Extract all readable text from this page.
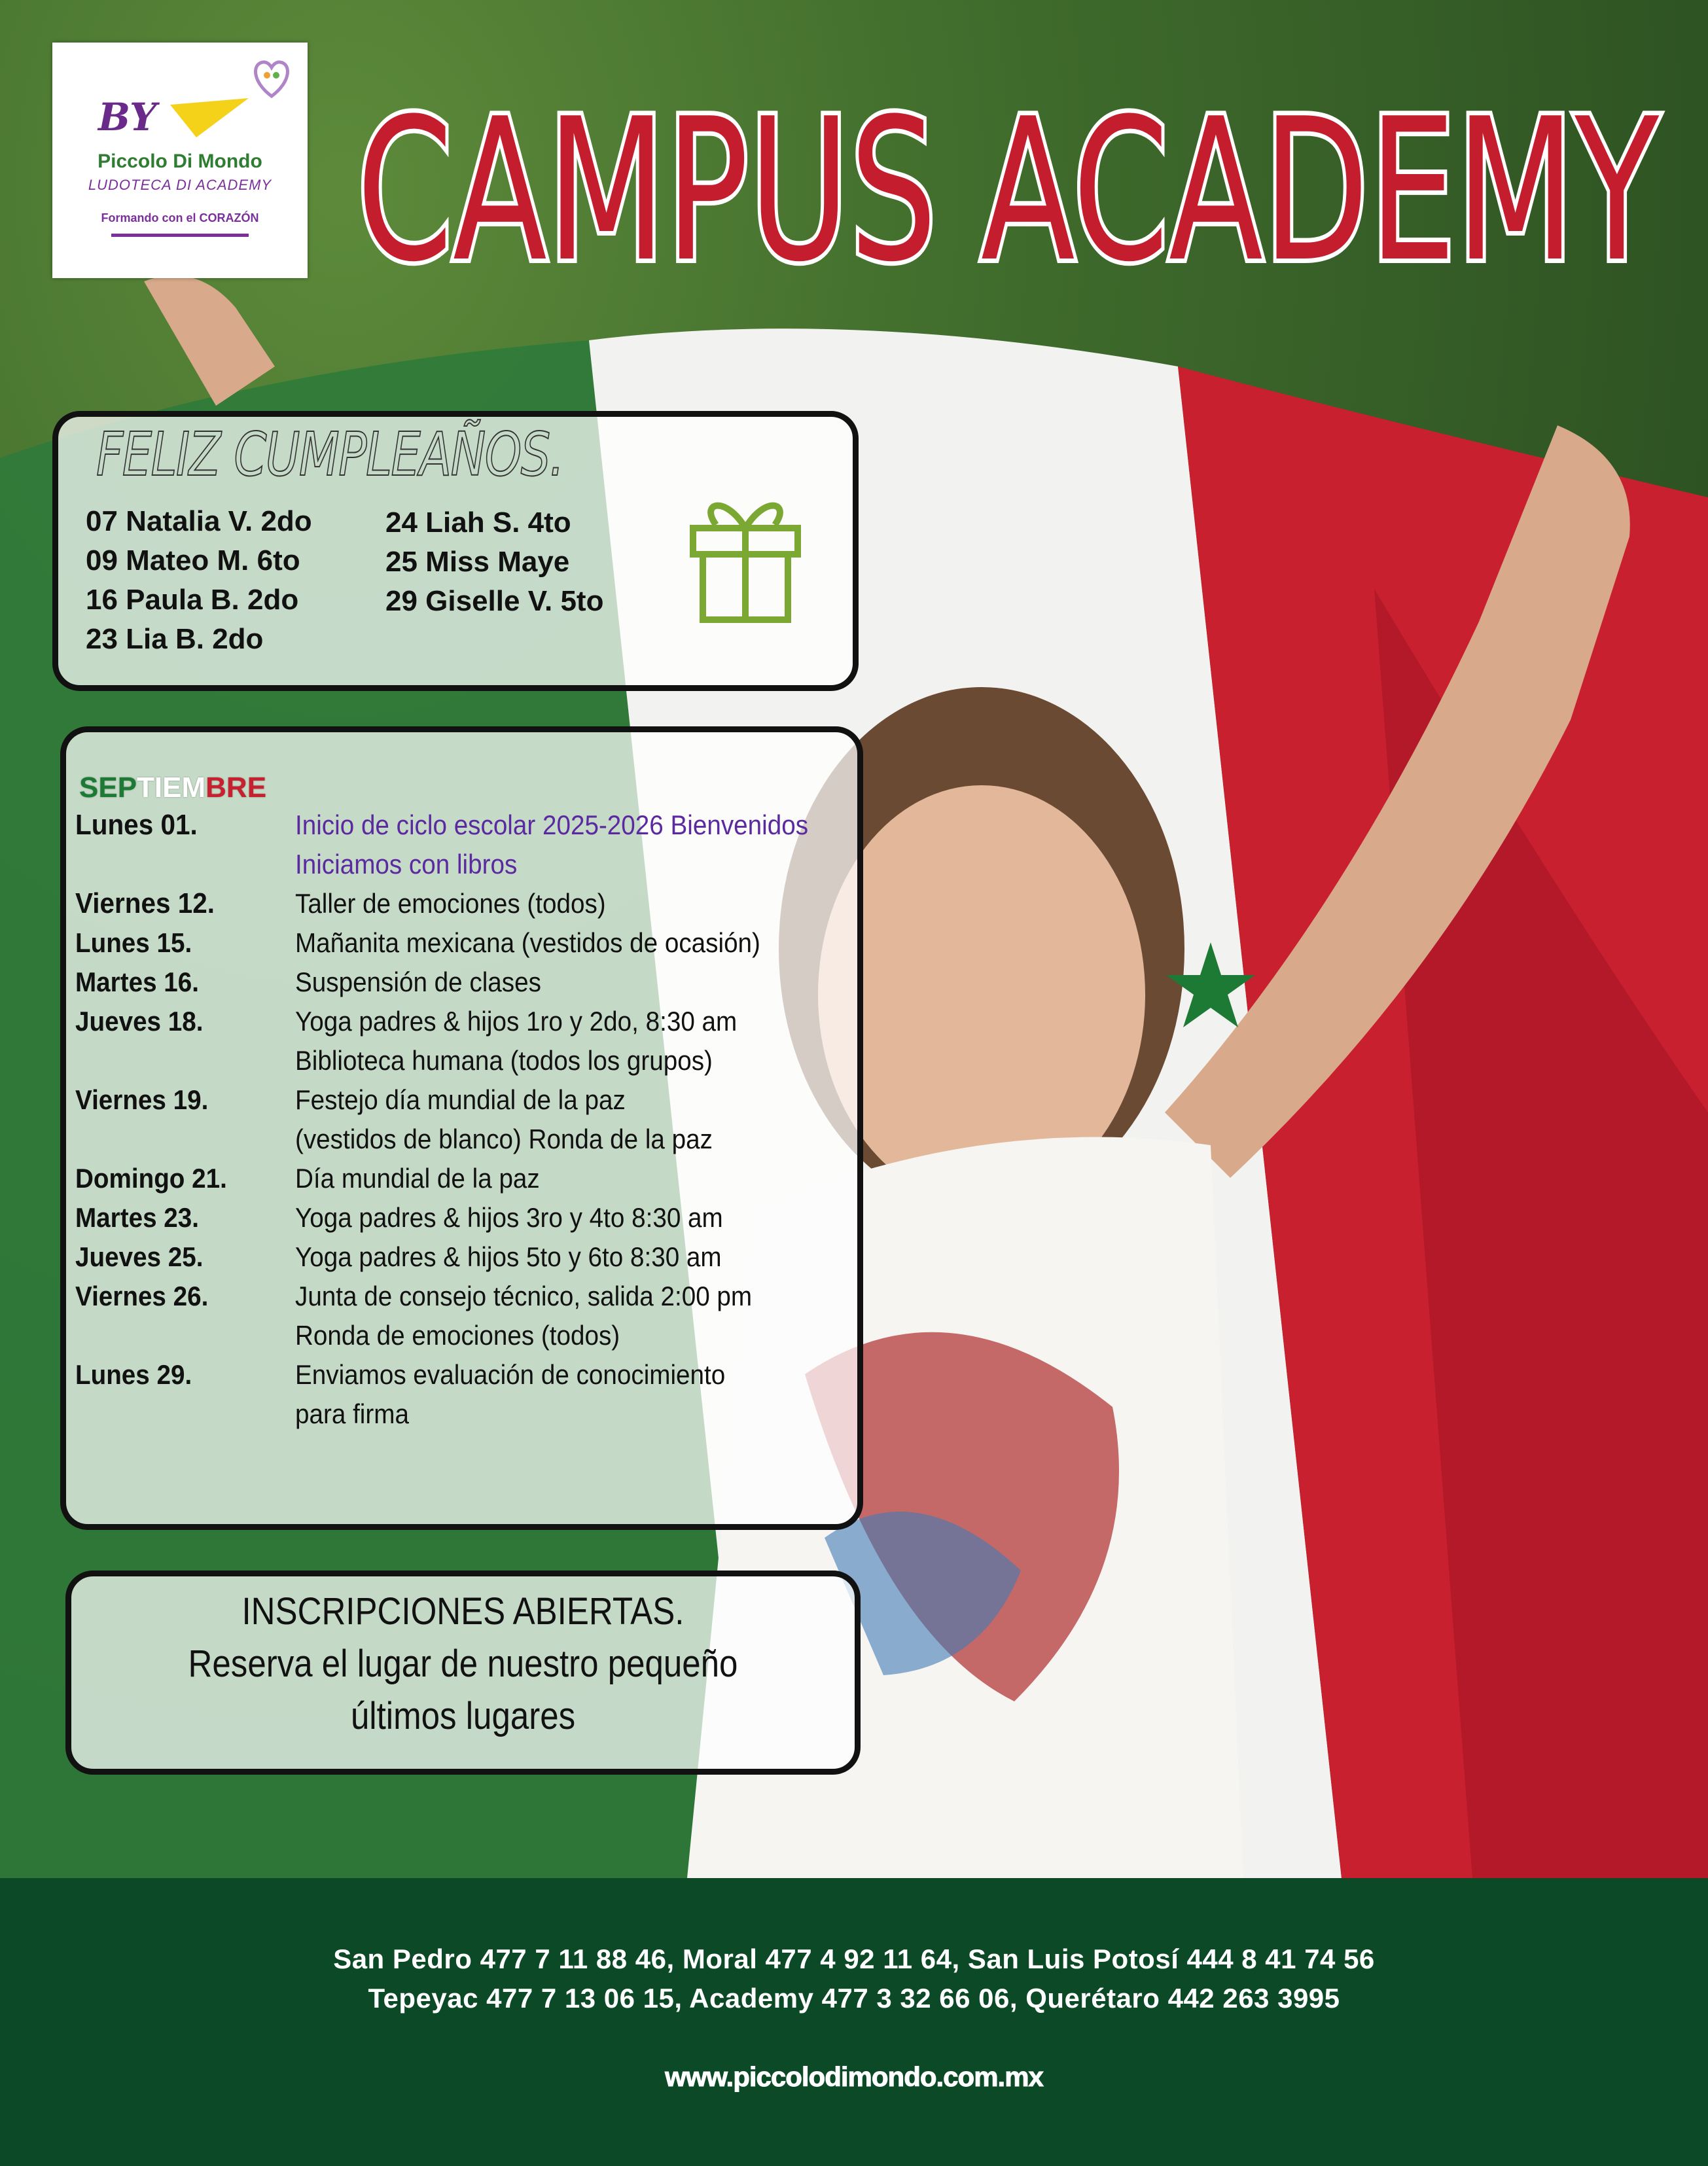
BY
Piccolo Di Mondo
LUDOTECA DI ACADEMY
Formando con el CORAZÓN CAMPUS ACADEMY
FELIZ CUMPLEAÑOS.
07 Natalia V. 2do
09 Mateo M. 6to
16 Paula B. 2do
23 Lia B. 2do
24 Liah S. 4to
25 Miss Maye
29 Giselle V. 5to
SEPTIEMBRE
Lunes 01.	Inicio de ciclo escolar 2025-2026 Bienvenidos
Iniciamos con libros
Viernes 12.	Taller de emociones (todos)
Lunes 15.	Mañanita mexicana (vestidos de ocasión)
Martes 16.	Suspensión de clases
Jueves 18.	Yoga padres & hijos 1ro y 2do, 8:30 am
Biblioteca humana (todos los grupos)
Viernes 19.	Festejo día mundial de la paz
(vestidos de blanco) Ronda de la paz
Domingo 21. Día mundial de la paz
Martes 23.	Yoga padres & hijos 3ro y 4to 8:30 am
Jueves 25.	Yoga padres & hijos 5to y 6to 8:30 am
Viernes 26.	Junta de consejo técnico, salida 2:00 pm
Ronda de emociones (todos)
Lunes 29.	Enviamos evaluación de conocimiento
para firma
INSCRIPCIONES ABIERTAS.
Reserva el lugar de nuestro pequeño
últimos lugares
San Pedro 477 7 11 88 46, Moral 477 4 92 11 64, San Luis Potosí 444 8 41 74 56
Tepeyac 477 7 13 06 15, Academy 477 3 32 66 06, Querétaro 442 263 3995
www.piccolodimondo.com.mx
